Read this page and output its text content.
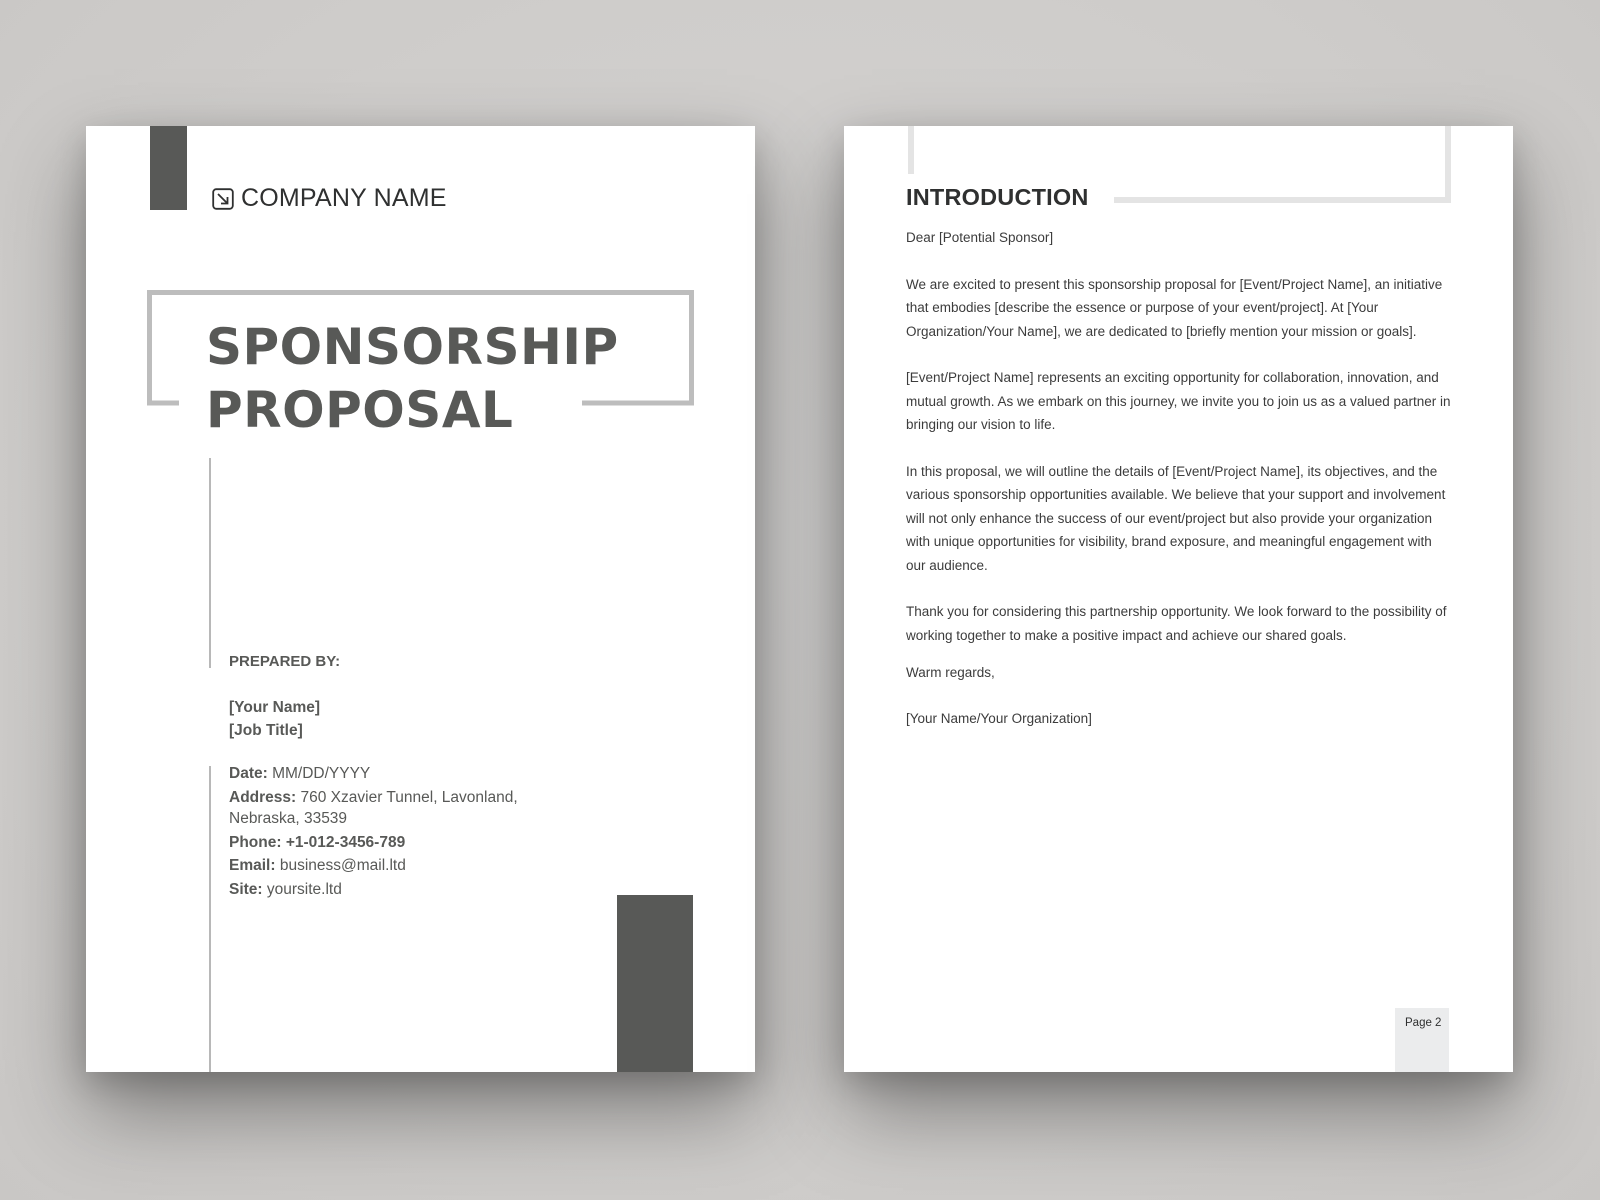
COMPANY NAME
SPONSORSHIP
PROPOSAL
PREPARED BY:
[Your Name]
[Job Title]
Date: MM/DD/YYYY
Address: 760 Xzavier Tunnel, Lavonland,
Nebraska, 33539
Phone: +1-012-3456-789
Email: business@mail.ltd
Site: yoursite.ltd
INTRODUCTION

Dear [Potential Sponsor]

We are excited to present this sponsorship proposal for [Event/Project Name], an initiative that embodies [describe the essence or purpose of your event/project]. At [Your Organization/Your Name], we are dedicated to [briefly mention your mission or goals].

[Event/Project Name] represents an exciting opportunity for collaboration, innovation, and mutual growth. As we embark on this journey, we invite you to join us as a valued partner in bringing our vision to life.

In this proposal, we will outline the details of [Event/Project Name], its objectives, and the various sponsorship opportunities available. We believe that your support and involvement will not only enhance the success of our event/project but also provide your organization with unique opportunities for visibility, brand exposure, and meaningful engagement with our audience.

Thank you for considering this partnership opportunity. We look forward to the possibility of working together to make a positive impact and achieve our shared goals.

Warm regards,

[Your Name/Your Organization]

Page 2
